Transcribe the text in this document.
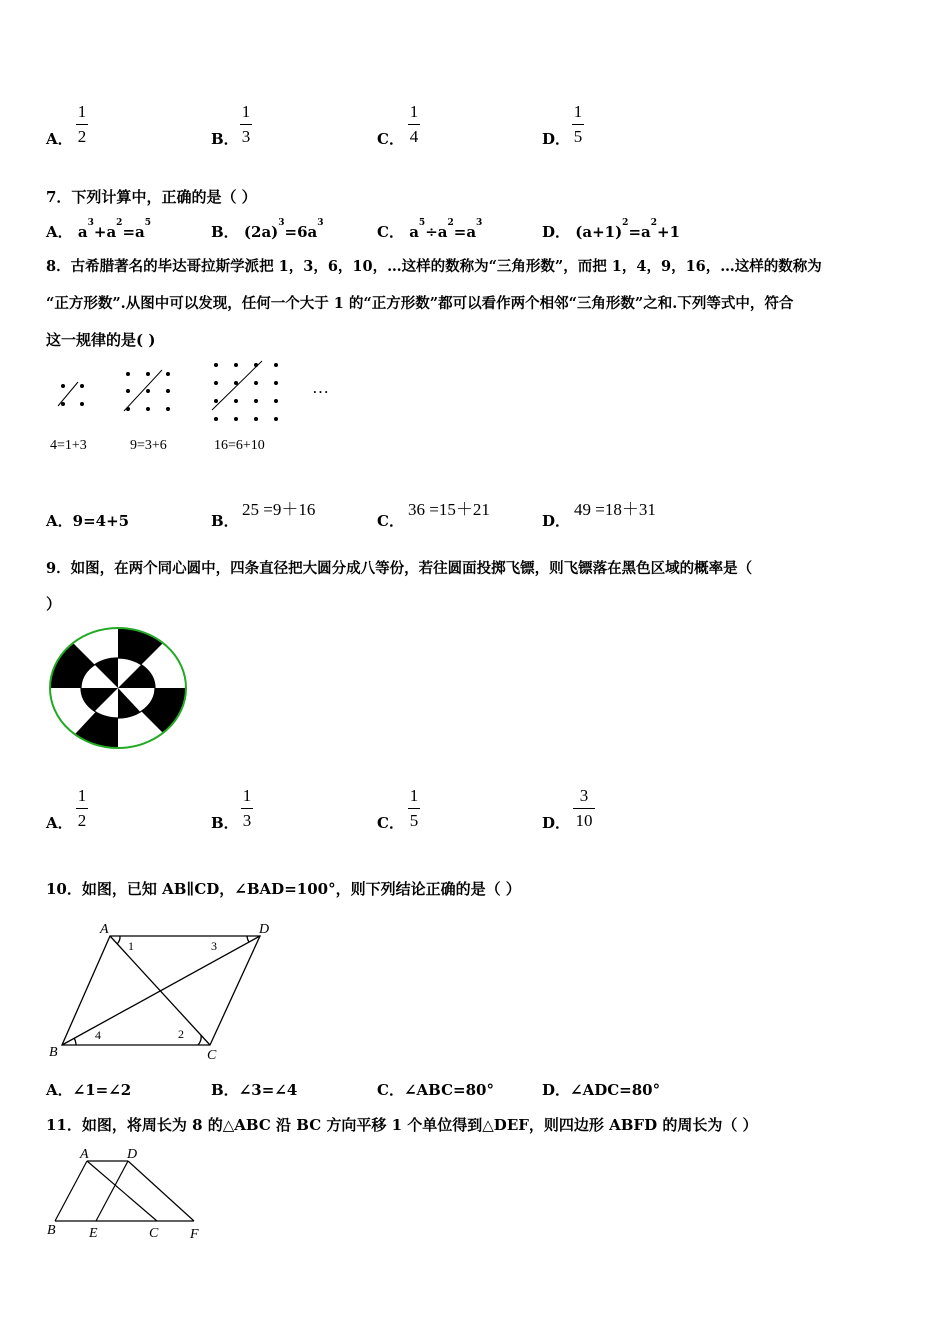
A．
1
2	B．
1
3	C．
1
4	D．
1
5
7．下列计算中，正确的是（ ）
A． $a^3+a^2=a^5$	B． $(2a)^3=6a^3$	C． $a^5\div a^2=a^3$	D． $(a+1)^2=a^2+1$
8．古希腊著名的毕达哥拉斯学派把 1，3，6，10，…这样的数称为“三角形数”，而把 1，4，9，16，…这样的数称为
“正方形数”.从图中可以发现，任何一个大于 1 的“正方形数”都可以看作两个相邻“三角形数”之和.下列等式中，符合
这一规律的是( )
…
4=1+3	9=3+6	16=6+10
A．9=4+5	B．
25 =9＋16
C．
36 =15＋21
D．
49 =18＋31
9．如图，在两个同心圆中，四条直径把大圆分成八等份，若往圆面投掷飞镖，则飞镖落在黑色区域的概率是（
）
A．
1
2	B．
1
3	C．
1
5	D．
3
10
10．如图，已知 AB∥CD，∠BAD=100°，则下列结论正确的是（ ）
A	D
B	C
1
2
3
4
A．∠1=∠2	B．∠3=∠4	C．∠ABC=80°	D．∠ADC=80°
11．如图，将周长为 8 的△ABC 沿 BC 方向平移 1 个单位得到△DEF，则四边形 ABFD 的周长为（ ）
A	D
B E	C F
